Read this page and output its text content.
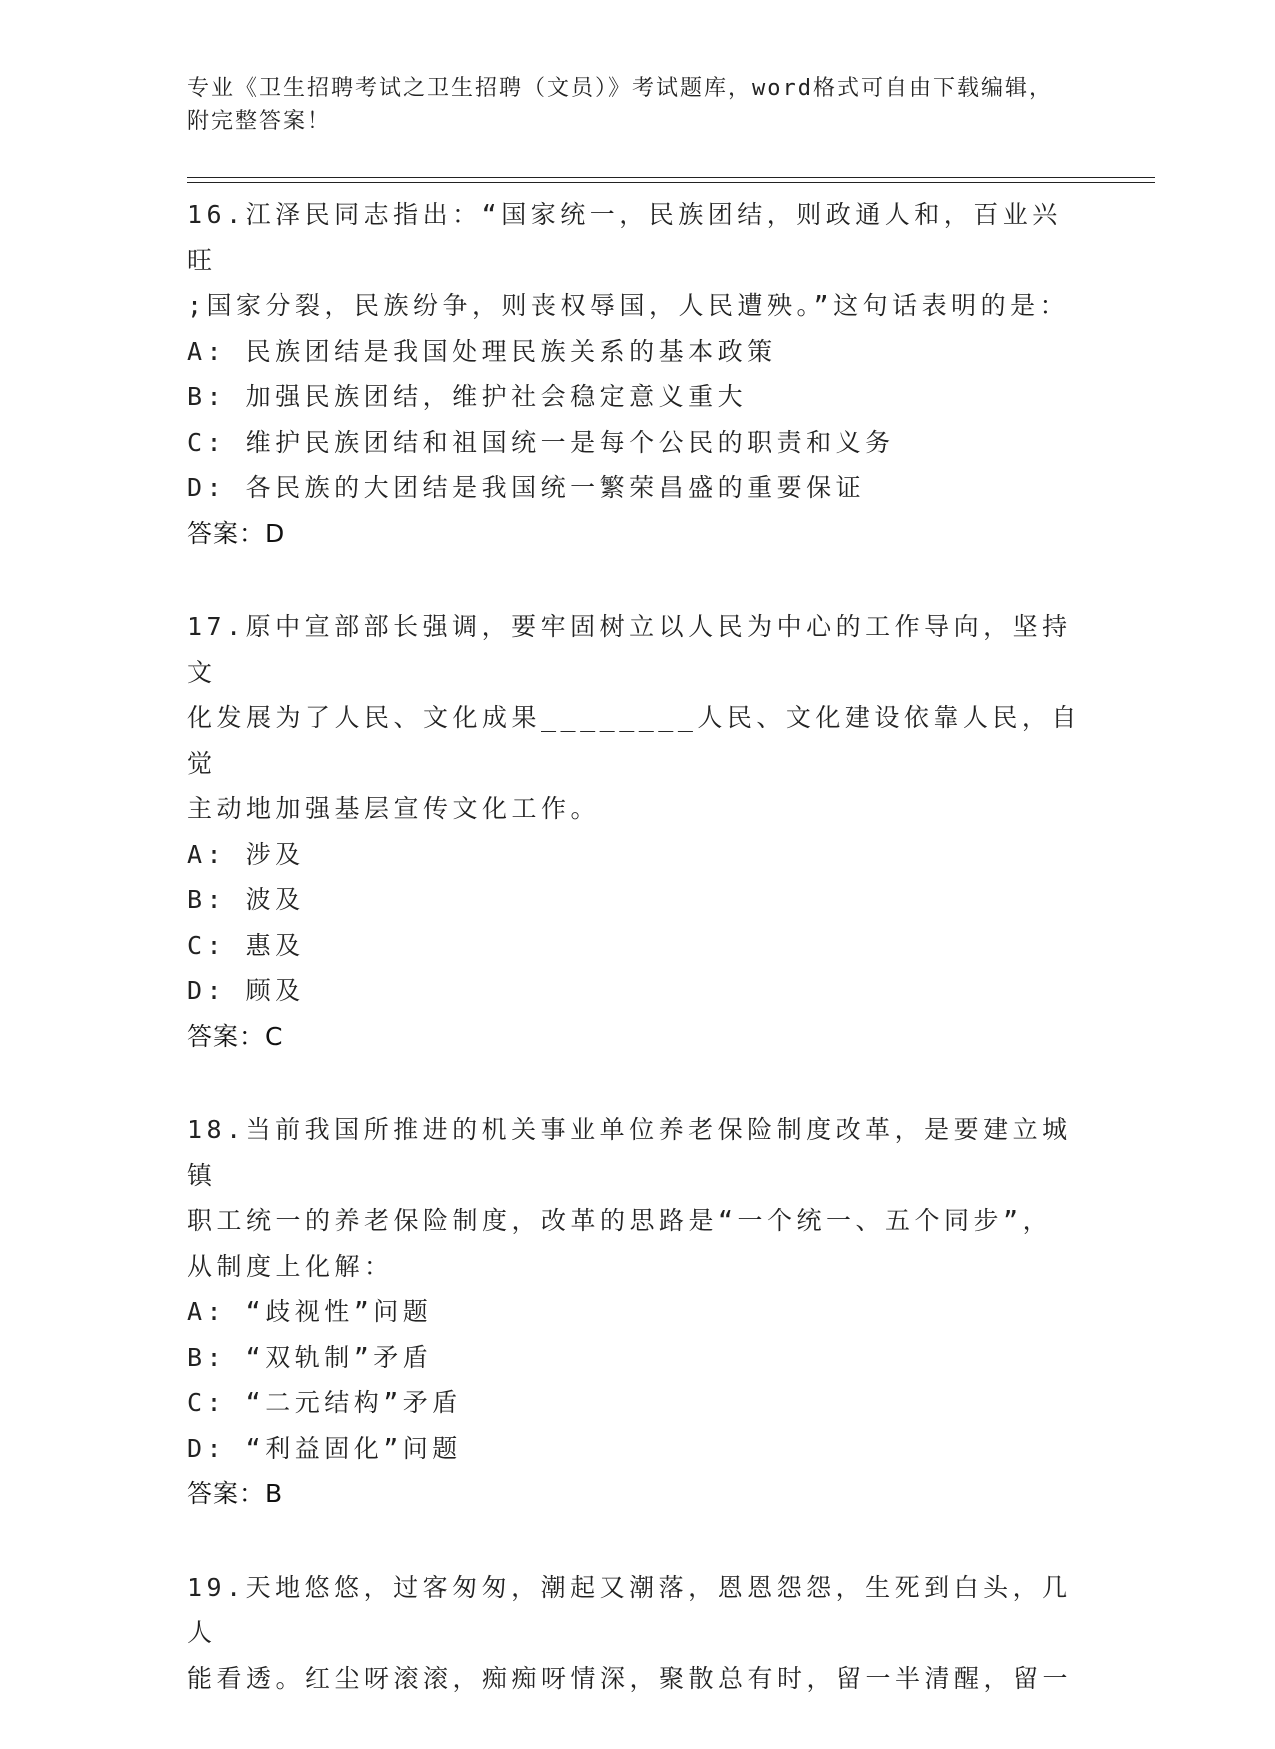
专业《卫生招聘考试之卫生招聘（文员）》考试题库，word格式可自由下载编辑，附完整答案！
16.江泽民同志指出：“国家统一，民族团结，则政通人和，百业兴旺
;国家分裂，民族纷争，则丧权辱国，人民遭殃。”这句话表明的是：
A: 民族团结是我国处理民族关系的基本政策
B: 加强民族团结，维护社会稳定意义重大
C: 维护民族团结和祖国统一是每个公民的职责和义务
D: 各民族的大团结是我国统一繁荣昌盛的重要保证
答案：D
17.原中宣部部长强调，要牢固树立以人民为中心的工作导向，坚持文
化发展为了人民、文化成果________人民、文化建设依靠人民，自觉
主动地加强基层宣传文化工作。
A: 涉及
B: 波及
C: 惠及
D: 顾及
答案：C
18.当前我国所推进的机关事业单位养老保险制度改革，是要建立城镇
职工统一的养老保险制度，改革的思路是“一个统一、五个同步”，
从制度上化解：
A: “歧视性”问题
B: “双轨制”矛盾
C: “二元结构”矛盾
D: “利益固化”问题
答案：B
19.天地悠悠，过客匆匆，潮起又潮落，恩恩怨怨，生死到白头，几人
能看透。红尘呀滚滚，痴痴呀情深，聚散总有时，留一半清醒，留一
